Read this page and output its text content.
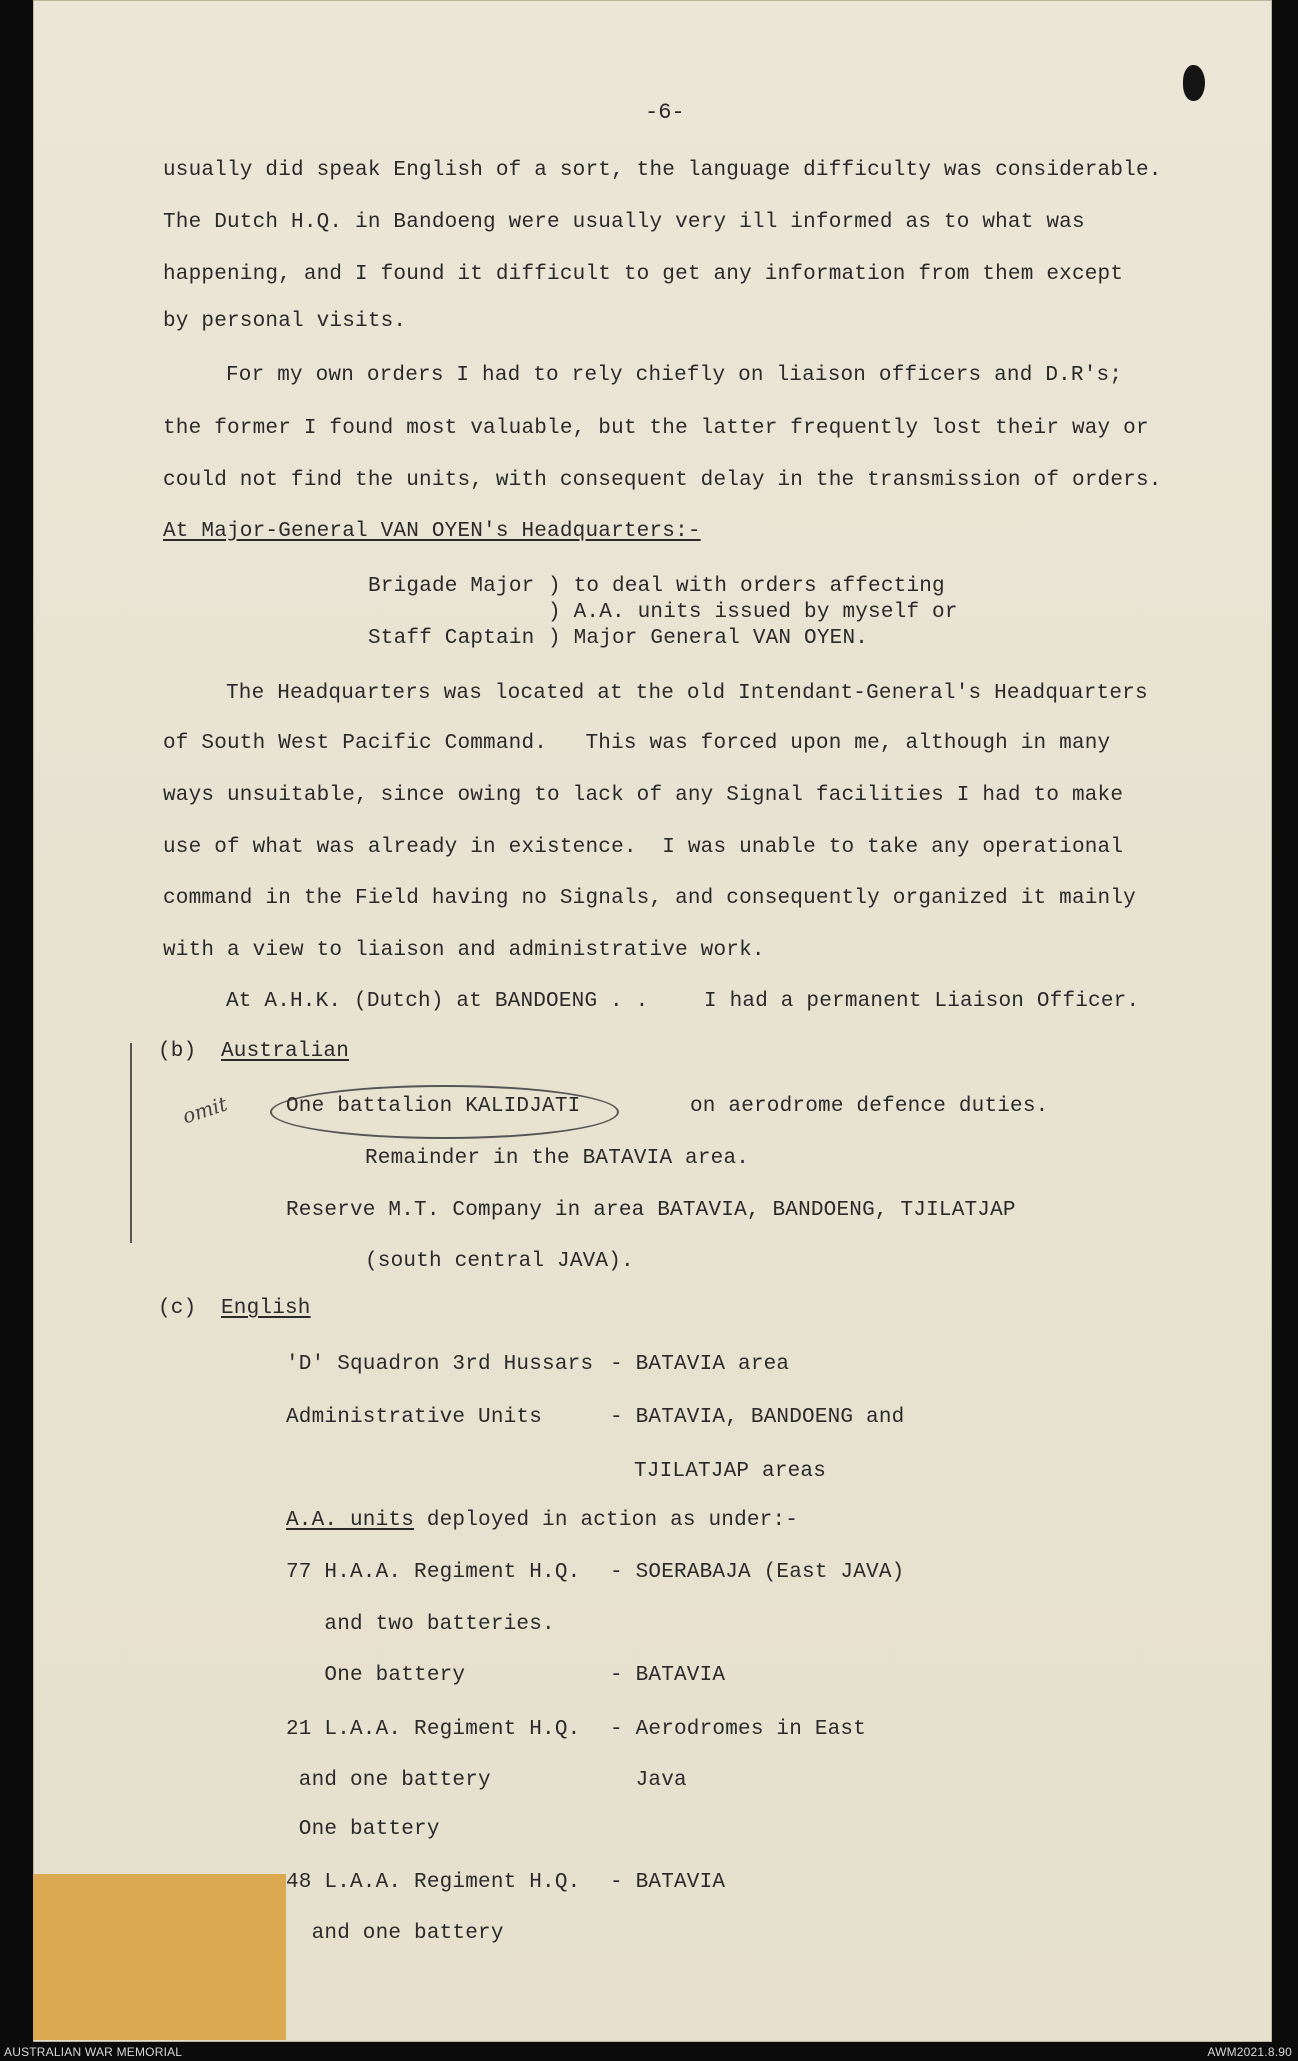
-6-
usually did speak English of a sort, the language difficulty was considerable.
The Dutch H.Q. in Bandoeng were usually very ill informed as to what was
happening, and I found it difficult to get any information from them except
by personal visits.
For my own orders I had to rely chiefly on liaison officers and D.R's;
the former I found most valuable, but the latter frequently lost their way or
could not find the units, with consequent delay in the transmission of orders.
At Major-General VAN OYEN's Headquarters:-
Brigade Major ) to deal with orders affecting
) A.A. units issued by myself or
Staff Captain ) Major General VAN OYEN.
The Headquarters was located at the old Intendant-General's Headquarters
of South West Pacific Command.   This was forced upon me, although in many
ways unsuitable, since owing to lack of any Signal facilities I had to make
use of what was already in existence.  I was unable to take any operational
command in the Field having no Signals, and consequently organized it mainly
with a view to liaison and administrative work.
At A.H.K. (Dutch) at BANDOENG . .	I had a permanent Liaison Officer.
(b) Australian
omit	One battalion KALIDJATI	on aerodrome defence duties.
Remainder in the BATAVIA area.
Reserve M.T. Company in area BATAVIA, BANDOENG, TJILATJAP
(south central JAVA).
(c) English
'D' Squadron 3rd Hussars - BATAVIA area
Administrative Units	- BATAVIA, BANDOENG and
TJILATJAP areas
A.A. units deployed in action as under:-
77 H.A.A. Regiment H.Q. - SOERABAJA (East JAVA)
and two batteries.
One battery	- BATAVIA
21 L.A.A. Regiment H.Q. - Aerodromes in East
and one battery	Java
One battery
48 L.A.A. Regiment H.Q. - BATAVIA
and one battery
AUSTRALIAN WAR MEMORIAL	AWM2021.8.90
